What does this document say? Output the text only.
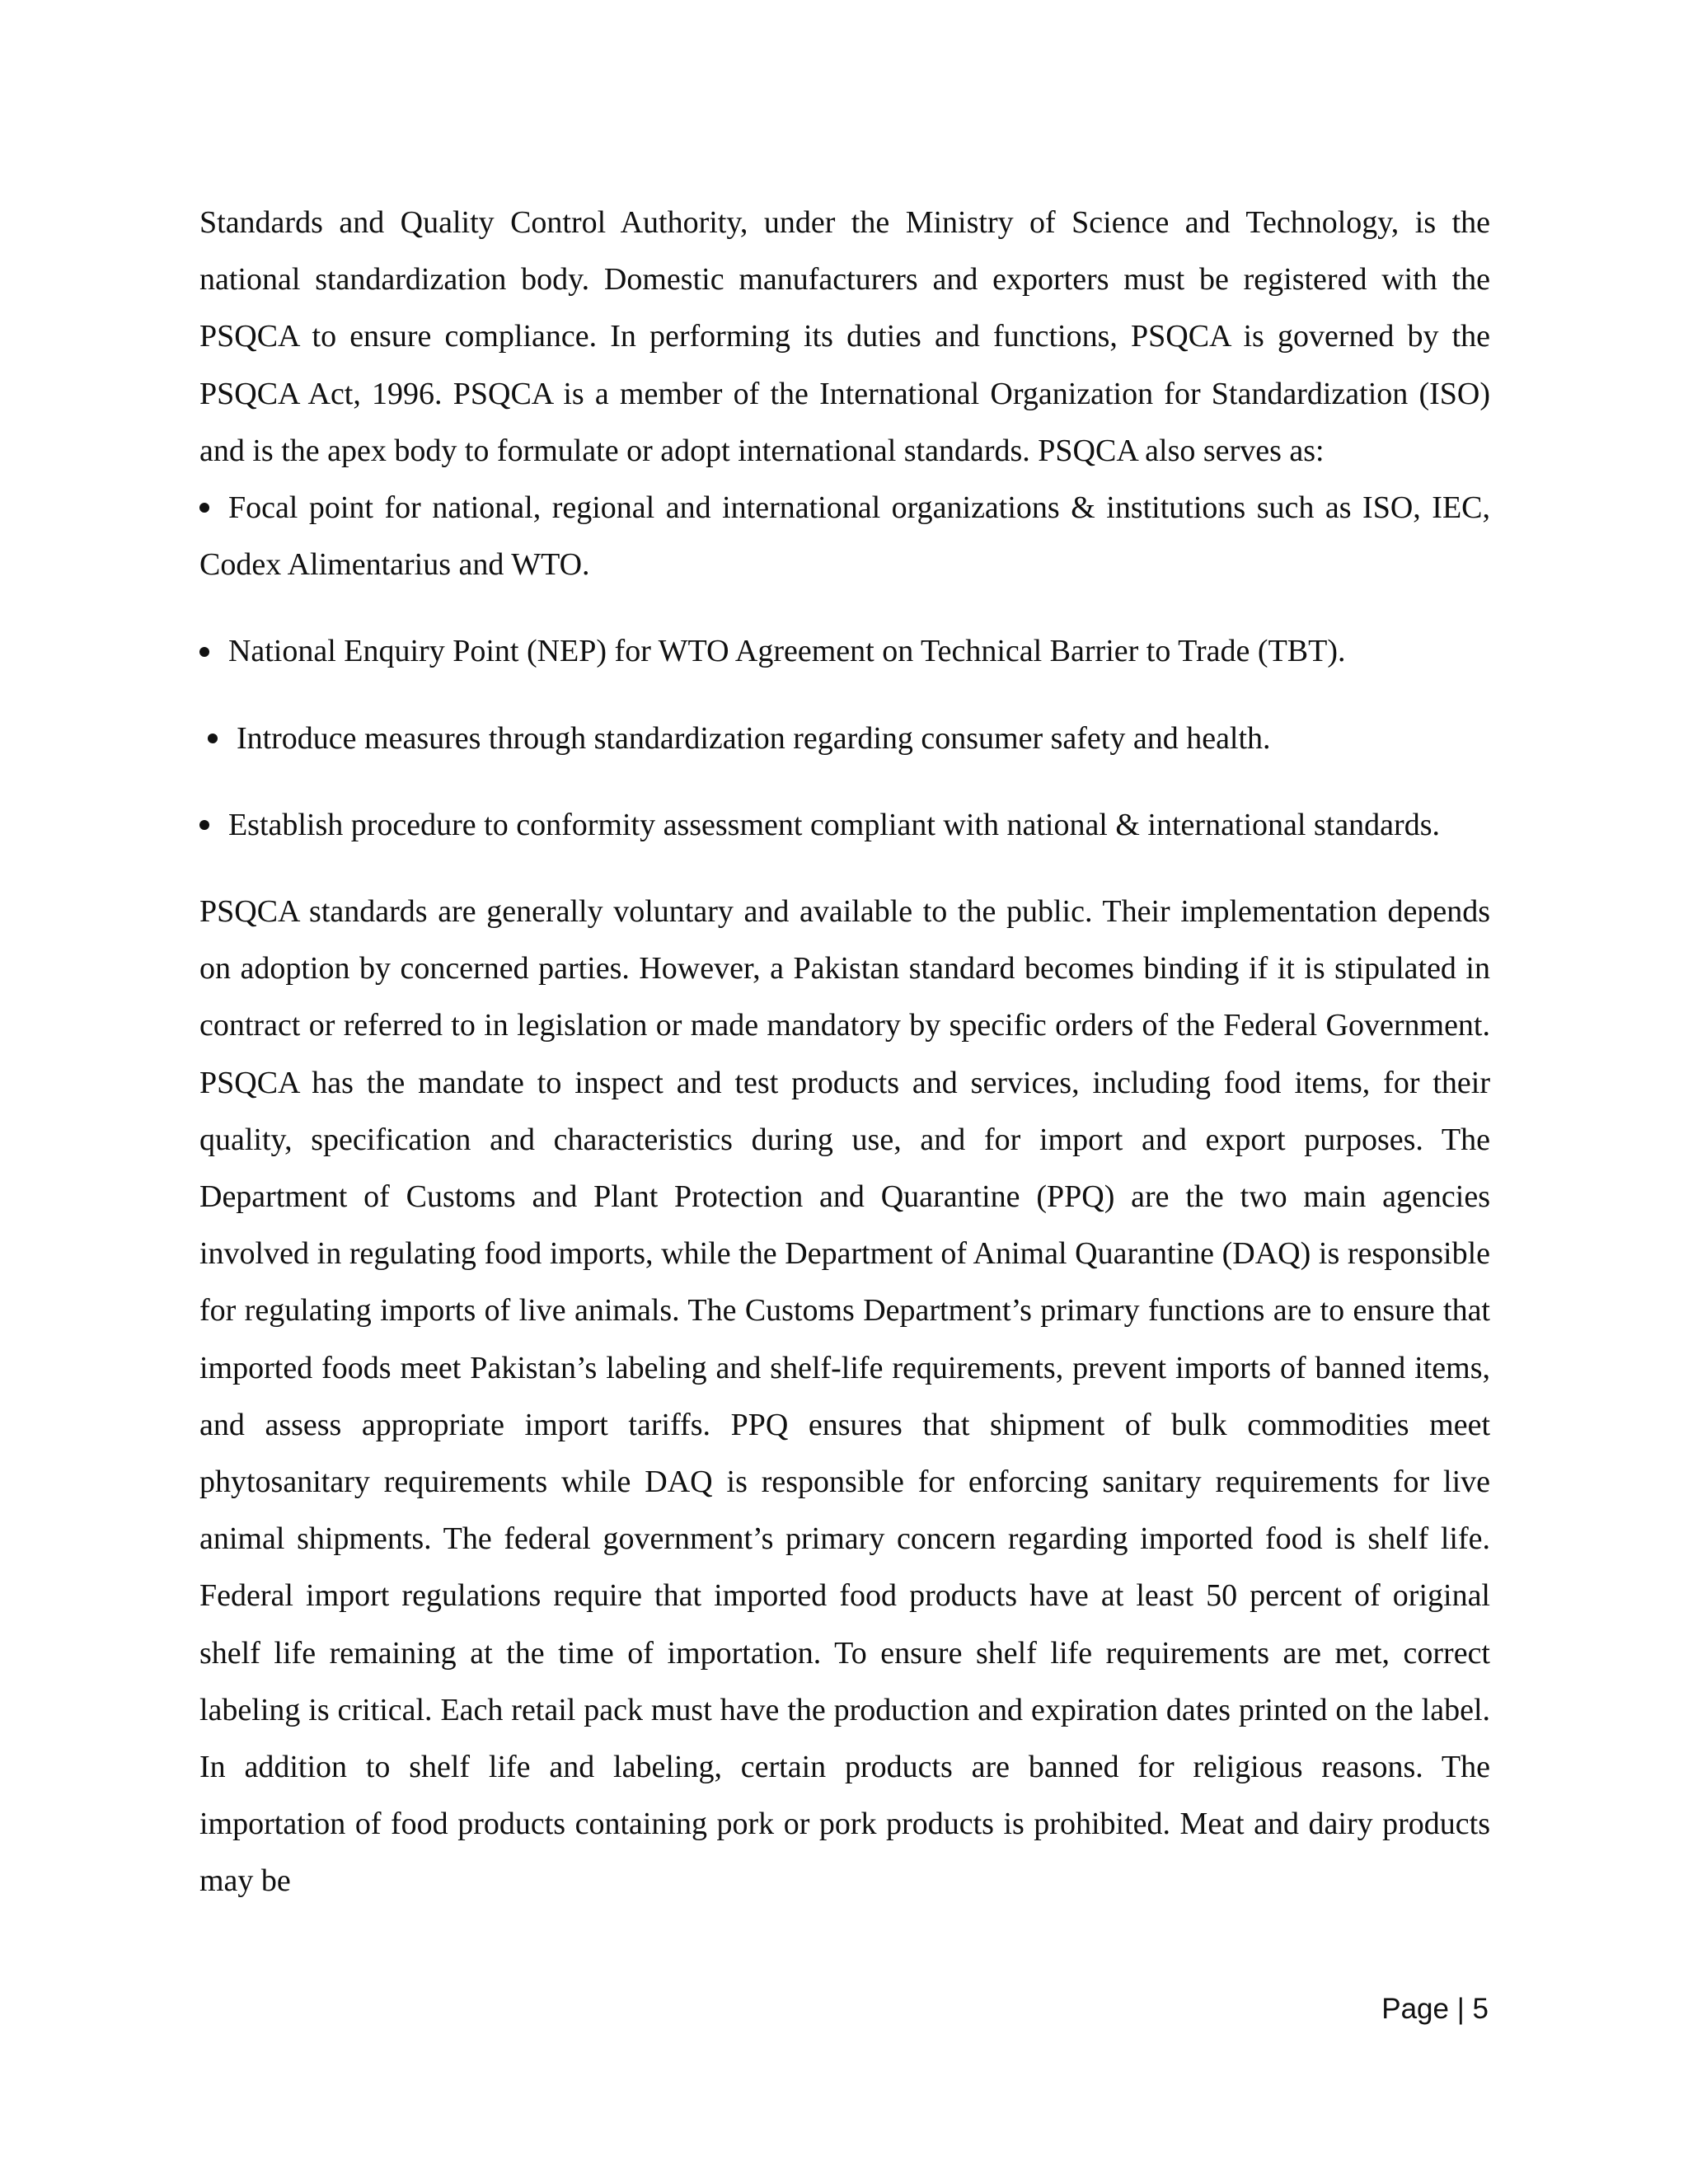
Standards and Quality Control Authority, under the Ministry of Science and Technology, is the national standardization body. Domestic manufacturers and exporters must be registered with the PSQCA to ensure compliance. In performing its duties and functions, PSQCA is governed by the PSQCA Act, 1996. PSQCA is a member of the International Organization for Standardization (ISO) and is the apex body to formulate or adopt international standards. PSQCA also serves as:

Focal point for national, regional and international organizations & institutions such as ISO, IEC, Codex Alimentarius and WTO.

National Enquiry Point (NEP) for WTO Agreement on Technical Barrier to Trade (TBT).

Introduce measures through standardization regarding consumer safety and health.

Establish procedure to conformity assessment compliant with national & international standards.

PSQCA standards are generally voluntary and available to the public. Their implementation depends on adoption by concerned parties. However, a Pakistan standard becomes binding if it is stipulated in contract or referred to in legislation or made mandatory by specific orders of the Federal Government. PSQCA has the mandate to inspect and test products and services, including food items, for their quality, specification and characteristics during use, and for import and export purposes. The Department of Customs and Plant Protection and Quarantine (PPQ) are the two main agencies involved in regulating food imports, while the Department of Animal Quarantine (DAQ) is responsible for regulating imports of live animals. The Customs Department’s primary functions are to ensure that imported foods meet Pakistan’s labeling and shelf-life requirements, prevent imports of banned items, and assess appropriate import tariffs. PPQ ensures that shipment of bulk commodities meet phytosanitary requirements while DAQ is responsible for enforcing sanitary requirements for live animal shipments. The federal government’s primary concern regarding imported food is shelf life. Federal import regulations require that imported food products have at least 50 percent of original shelf life remaining at the time of importation. To ensure shelf life requirements are met, correct labeling is critical. Each retail pack must have the production and expiration dates printed on the label. In addition to shelf life and labeling, certain products are banned for religious reasons. The importation of food products containing pork or pork products is prohibited. Meat and dairy products may be

Page | 5
